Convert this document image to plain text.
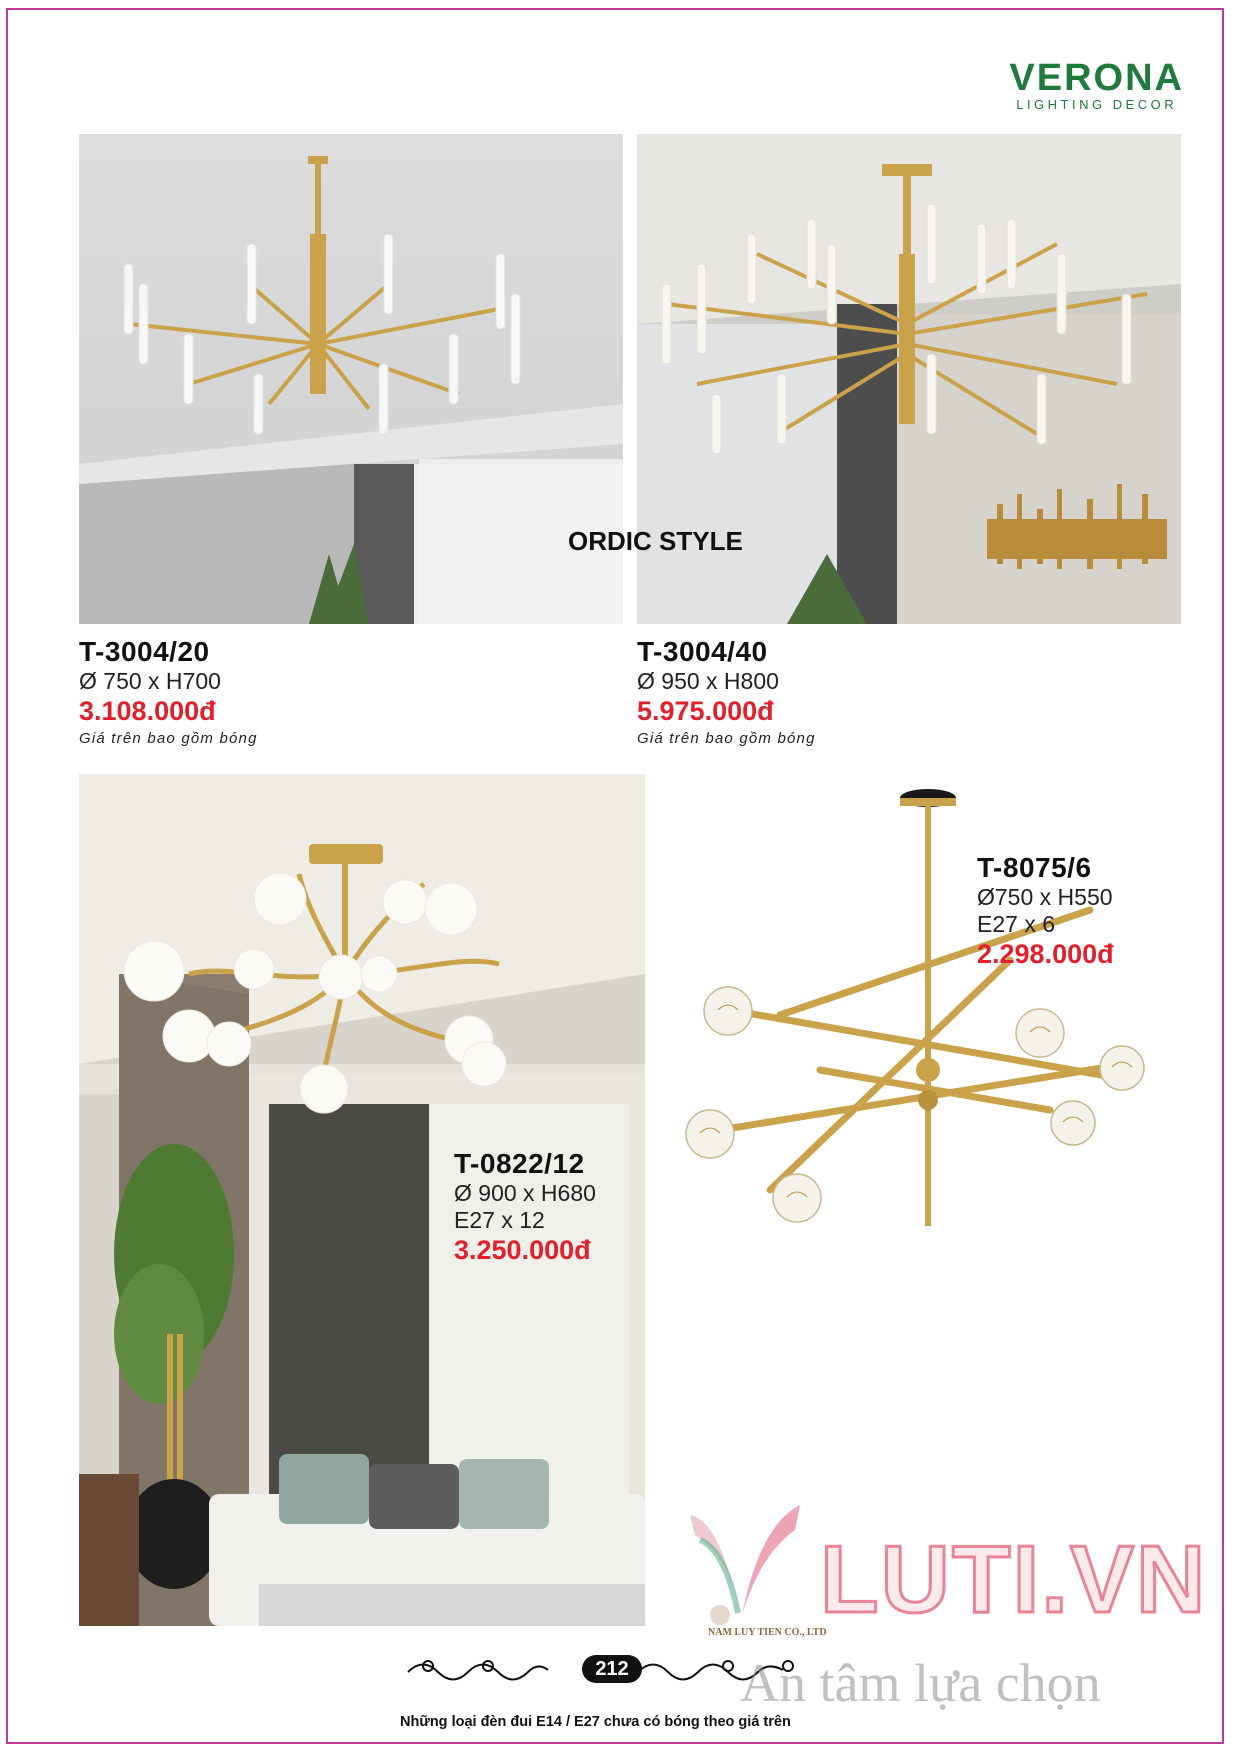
VERONA
LIGHTING DECOR
ORDIC STYLE
T-3004/20
Ø 750 x H700
3.108.000đ
Giá trên bao gồm bóng
T-3004/40
Ø 950 x H800
5.975.000đ
Giá trên bao gồm bóng
T-0822/12
Ø 900 x H680
E27 x 12
3.250.000đ
T-8075/6
Ø750 x H550
E27 x 6
2.298.000đ
LUTI.VN
NAM LUY TIEN CO., LTD
212
Những loại đèn đui E14 / E27 chưa có bóng theo giá trên
An tâm lựa chọn
